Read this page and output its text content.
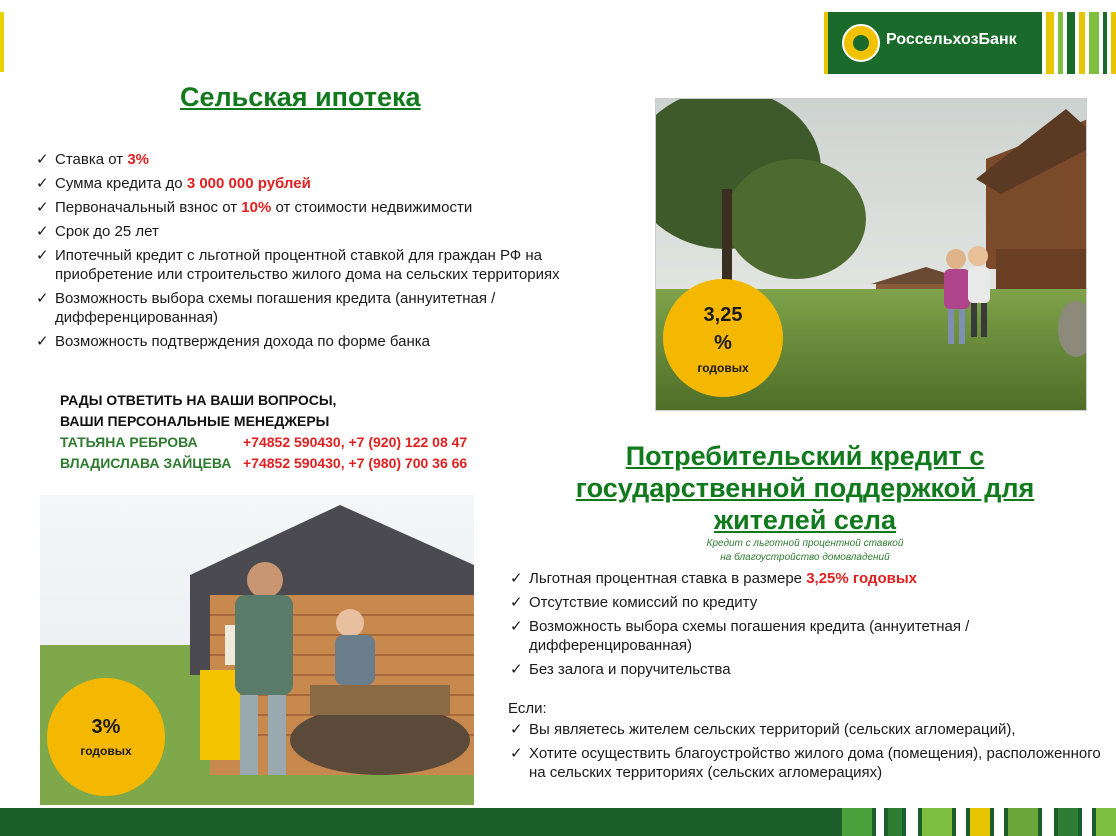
РоссельхозБанк
Сельская ипотека
✓ Ставка от 3%
✓ Сумма кредита до 3 000 000 рублей
✓ Первоначальный взнос от 10% от стоимости недвижимости
✓ Срок до 25 лет
✓ Ипотечный кредит с льготной процентной ставкой для граждан РФ на приобретение или строительство жилого дома на сельских территориях
✓ Возможность выбора схемы погашения кредита (аннуитетная / дифференцированная)
✓ Возможность подтверждения дохода по форме банка
РАДЫ ОТВЕТИТЬ НА ВАШИ ВОПРОСЫ,
ВАШИ ПЕРСОНАЛЬНЫЕ МЕНЕДЖЕРЫ
ТАТЬЯНА РЕБРОВА	+74852 590430, +7 (920) 122 08 47
ВЛАДИСЛАВА ЗАЙЦЕВА +74852 590430, +7 (980) 700 36 66
3,25 %
годовых
3%
годовых
Потребительский кредит с государственной поддержкой для жителей села
Кредит с льготной процентной ставкой
на благоустройство домовладений
✓ Льготная процентная ставка в размере 3,25% годовых
✓ Отсутствие комиссий по кредиту
✓ Возможность выбора схемы погашения кредита (аннуитетная / дифференцированная)
✓ Без залога и поручительства
Если:
✓ Вы являетесь жителем сельских территорий (сельских агломераций),
✓ Хотите осуществить благоустройство жилого дома (помещения), расположенного на сельских территориях (сельских агломерациях)
